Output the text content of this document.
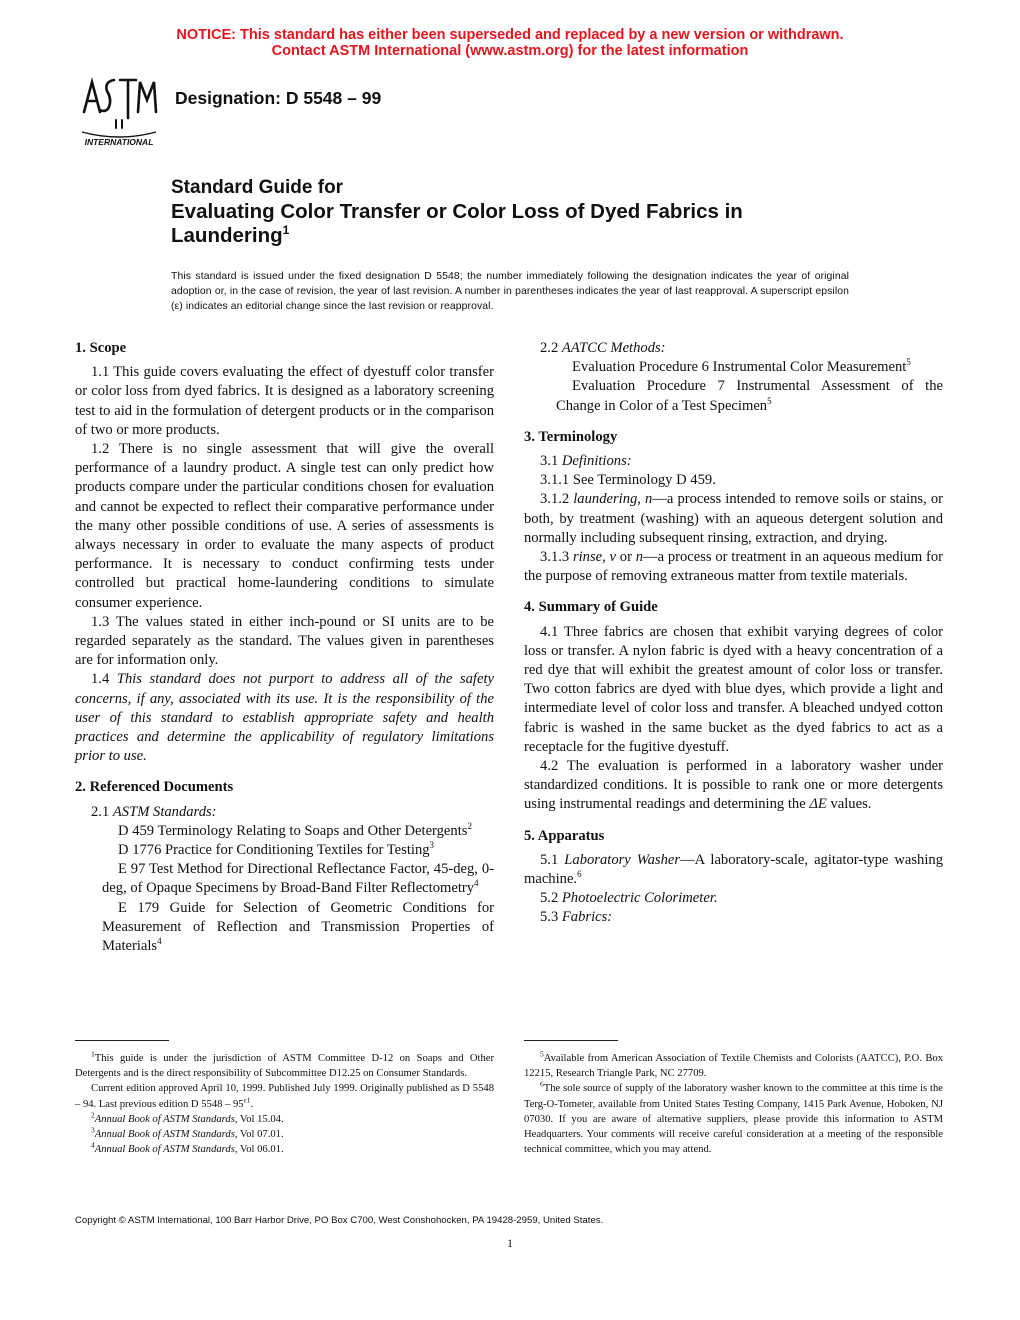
NOTICE: This standard has either been superseded and replaced by a new version or withdrawn.
Contact ASTM International (www.astm.org) for the latest information
INTERNATIONAL
Designation: D 5548 – 99
Standard Guide for
Evaluating Color Transfer or Color Loss of Dyed Fabrics in
Laundering$^1$
This standard is issued under the fixed designation D 5548; the number immediately following the designation indicates the year of original adoption or, in the case of revision, the year of last revision. A number in parentheses indicates the year of last reapproval. A superscript epsilon (ε) indicates an editorial change since the last revision or reapproval.
1. Scope

1.1 This guide covers evaluating the effect of dyestuff color transfer or color loss from dyed fabrics. It is designed as a laboratory screening test to aid in the formulation of detergent products or in the comparison of two or more products.

1.2 There is no single assessment that will give the overall performance of a laundry product. A single test can only predict how products compare under the particular conditions chosen for evaluation and cannot be expected to reflect their comparative performance under the many other possible conditions of use. A series of assessments is always necessary in order to evaluate the many aspects of product performance. It is necessary to conduct confirming tests under controlled but practical home-laundering conditions to simulate consumer experience.

1.3 The values stated in either inch-pound or SI units are to be regarded separately as the standard. The values given in parentheses are for information only.

1.4 This standard does not purport to address all of the safety concerns, if any, associated with its use. It is the responsibility of the user of this standard to establish appropriate safety and health practices and determine the applicability of regulatory limitations prior to use.

2. Referenced Documents

2.1 ASTM Standards:

D 459 Terminology Relating to Soaps and Other Detergents$^2$

D 1776 Practice for Conditioning Textiles for Testing$^3$

E 97 Test Method for Directional Reflectance Factor, 45-deg, 0-deg, of Opaque Specimens by Broad-Band Filter Reflectometry$^4$

E 179 Guide for Selection of Geometric Conditions for Measurement of Reflection and Transmission Properties of Materials$^4$

2.2 AATCC Methods:

Evaluation Procedure 6 Instrumental Color Measurement$^5$

Evaluation Procedure 7 Instrumental Assessment of the Change in Color of a Test Specimen$^5$

3. Terminology

3.1 Definitions:

3.1.1 See Terminology D 459.

3.1.2 laundering, n—a process intended to remove soils or stains, or both, by treatment (washing) with an aqueous detergent solution and normally including subsequent rinsing, extraction, and drying.

3.1.3 rinse, v or n—a process or treatment in an aqueous medium for the purpose of removing extraneous matter from textile materials.

4. Summary of Guide

4.1 Three fabrics are chosen that exhibit varying degrees of color loss or transfer. A nylon fabric is dyed with a heavy concentration of a red dye that will exhibit the greatest amount of color loss or transfer. Two cotton fabrics are dyed with blue dyes, which provide a light and intermediate level of color loss and transfer. A bleached undyed cotton fabric is washed in the same bucket as the dyed fabrics to act as a receptacle for the fugitive dyestuff.

4.2 The evaluation is performed in a laboratory washer under standardized conditions. It is possible to rank one or more detergents using instrumental readings and determining the ΔE values.

5. Apparatus

5.1 Laboratory Washer—A laboratory-scale, agitator-type washing machine.$^6$

5.2 Photoelectric Colorimeter.

5.3 Fabrics:

$^1$This guide is under the jurisdiction of ASTM Committee D-12 on Soaps and Other Detergents and is the direct responsibility of Subcommittee D12.25 on Consumer Standards.

Current edition approved April 10, 1999. Published July 1999. Originally published as D 5548 – 94. Last previous edition D $5548 - 95^{\varepsilon 1}$.

$^2$Annual Book of ASTM Standards, Vol 15.04.

$^3$Annual Book of ASTM Standards, Vol 07.01.

$^4$Annual Book of ASTM Standards, Vol 06.01.

$^5$Available from American Association of Textile Chemists and Colorists (AATCC), P.O. Box 12215, Research Triangle Park, NC 27709.

$^6$The sole source of supply of the laboratory washer known to the committee at this time is the Terg-O-Tometer, available from United States Testing Company, 1415 Park Avenue, Hoboken, NJ 07030. If you are aware of alternative suppliers, please provide this information to ASTM Headquarters. Your comments will receive careful consideration at a meeting of the responsible technical committee, which you may attend.

Copyright © ASTM International, 100 Barr Harbor Drive, PO Box C700, West Conshohocken, PA 19428-2959, United States.
1
